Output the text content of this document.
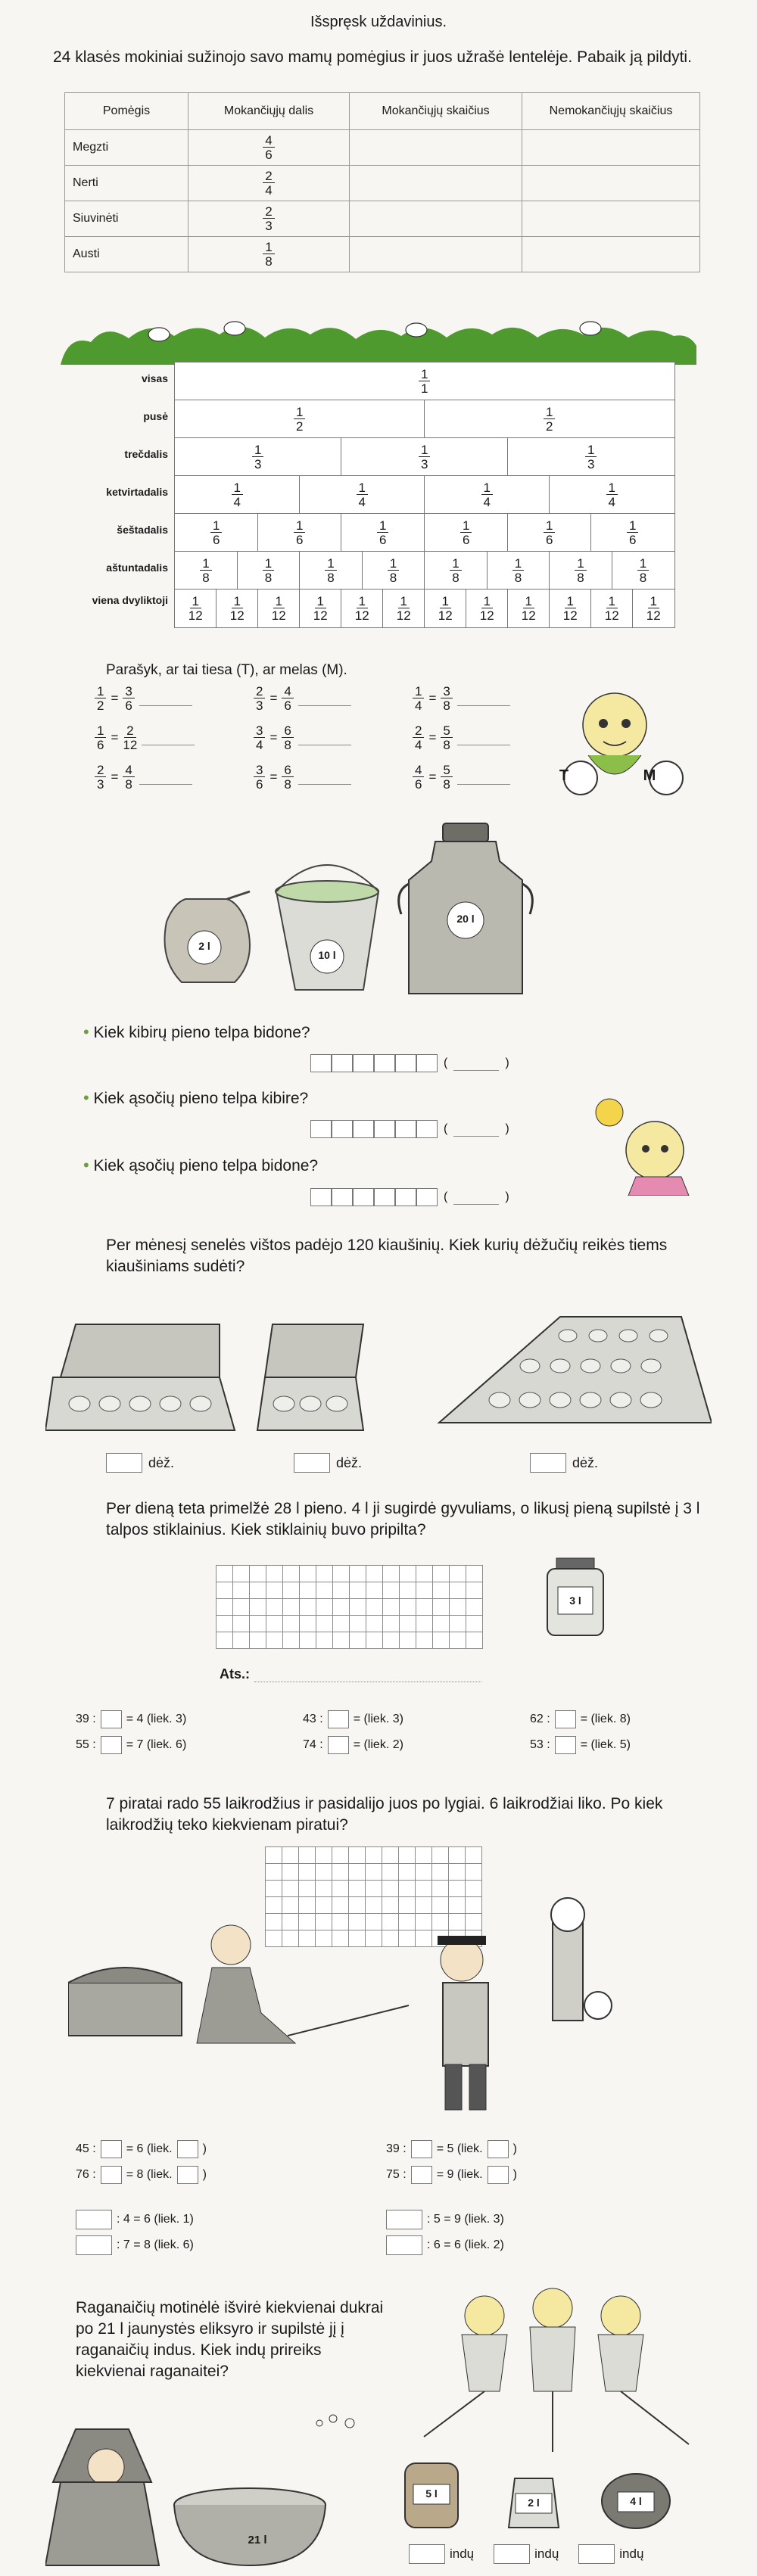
Išspręsk uždavinius.
24 klasės mokiniai sužinojo savo mamų pomėgius ir juos užrašė lentelėje. Pabaik ją pildyti.
Pomėgis	Mokančiųjų dalis	Mokančiųjų skaičius	Nemokančiųjų skaičius
Megzti	$\frac{4}{6}$

Nerti	$\frac{2}{4}$

Siuvinėti	$\frac{2}{3}$

Austi	$\frac{1}{8}$

visas	$\frac{1}{1}$
pusė	$\frac{1}{2}$	$\frac{1}{2}$
trečdalis	$\frac{1}{3}$	$\frac{1}{3}$	$\frac{1}{3}$
ketvirtadalis	$\frac{1}{4}$	$\frac{1}{4}$	$\frac{1}{4}$	$\frac{1}{4}$
šeštadalis	$\frac{1}{6}$	$\frac{1}{6}$	$\frac{1}{6}$	$\frac{1}{6}$	$\frac{1}{6}$	$\frac{1}{6}$
aštuntadalis $\frac{1}{8}$	$\frac{1}{8}$	$\frac{1}{8}$	$\frac{1}{8}$	$\frac{1}{8}$	$\frac{1}{8}$	$\frac{1}{8}$	$\frac{1}{8}$
viena dvyliktoji $\frac{1}{12} \frac{1}{12} \frac{1}{12} \frac{1}{12} \frac{1}{12} \frac{1}{12} \frac{1}{12} \frac{1}{12} \frac{1}{12} \frac{1}{12} \frac{1}{12} \frac{1}{12}$
Parašyk, ar tai tiesa (T), ar melas (M).
$\frac{1}{2} = \frac{3}{6}$	$\frac{2}{3} = \frac{4}{6}$	$\frac{1}{4} = \frac{3}{8}$
$\frac{1}{6} = \frac{2}{12}$	$\frac{3}{4} = \frac{6}{8}$	$\frac{2}{4} = \frac{5}{8}$
$\frac{2}{3} = \frac{4}{8}$	$\frac{3}{6} = \frac{6}{8}$	$\frac{4}{6} = \frac{5}{8}$	T	M
2 l
10 l
20 l
• Kiek kibirų pieno telpa bidone?
(	)
• Kiek ąsočių pieno telpa kibire?
(	)
• Kiek ąsočių pieno telpa bidone?
(	)
Per mėnesį senelės vištos padėjo 120 kiaušinių. Kiek kurių dėžučių reikės tiems kiaušiniams sudėti?
dėž.	dėž.	dėž.
Per dieną teta primelžė 28 l pieno. 4 l ji sugirdė gyvuliams, o likusį pieną supilstė į 3 l talpos stiklainius. Kiek stiklainių buvo pripilta?
3 l
Ats.:
39 :	= 4 (liek. 3)	43 :	= (liek. 3)	62 :	= (liek. 8)
55 :	= 7 (liek. 6)	74 :	= (liek. 2)	53 :	= (liek. 5)
7 piratai rado 55 laikrodžius ir pasidalijo juos po lygiai. 6 laikrodžiai liko. Po kiek laikrodžių teko kiekvienam piratui?
45 :	= 6 (liek.	)	39 :	= 5 (liek.	)
76 :	= 8 (liek.	)	75 :	= 9 (liek.	)
: 4 = 6 (liek. 1)	: 5 = 9 (liek. 3)
: 7 = 8 (liek. 6)	: 6 = 6 (liek. 2)
Raganaičių motinėlė išvirė kiekvienai dukrai po 21 l jaunystės eliksyro ir supilstė jį į raganaičių indus. Kiek indų prireiks kiekvienai raganaitei?
21 l
5 l
2 l	4 l
indų	indų	indų
